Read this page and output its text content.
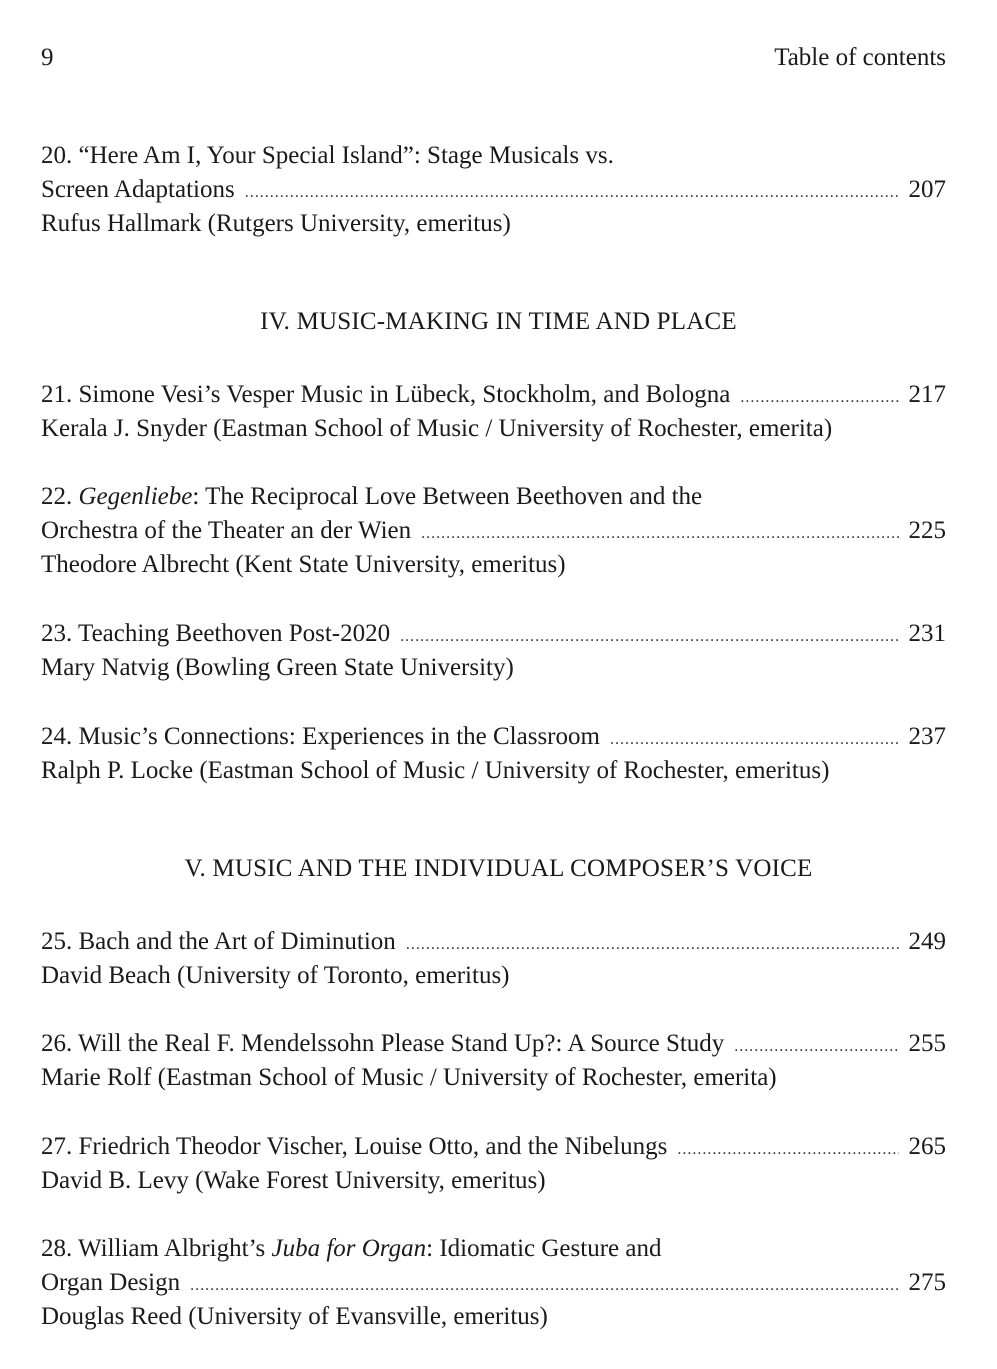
9	Table of contents
20. “Here Am I, Your Special Island”: Stage Musicals vs.
Screen Adaptations .....	207
Rufus Hallmark (Rutgers University, emeritus)
IV. MUSIC-MAKING IN TIME AND PLACE
21. Simone Vesi’s Vesper Music in Lübeck, Stockholm, and Bologna .....	217
Kerala J. Snyder (Eastman School of Music / University of Rochester, emerita)
22. Gegenliebe: The Reciprocal Love Between Beethoven and the
Orchestra of the Theater an der Wien .....	225
Theodore Albrecht (Kent State University, emeritus)
23. Teaching Beethoven Post-2020 .....	231
Mary Natvig (Bowling Green State University)
24. Music’s Connections: Experiences in the Classroom .....	237
Ralph P. Locke (Eastman School of Music / University of Rochester, emeritus)
V. MUSIC AND THE INDIVIDUAL COMPOSER’S VOICE
25. Bach and the Art of Diminution .....	249
David Beach (University of Toronto, emeritus)
26. Will the Real F. Mendelssohn Please Stand Up?: A Source Study .....	255
Marie Rolf (Eastman School of Music / University of Rochester, emerita)
27. Friedrich Theodor Vischer, Louise Otto, and the Nibelungs .....	265
David B. Levy (Wake Forest University, emeritus)
28. William Albright’s Juba for Organ: Idiomatic Gesture and
Organ Design .....	275
Douglas Reed (University of Evansville, emeritus)
